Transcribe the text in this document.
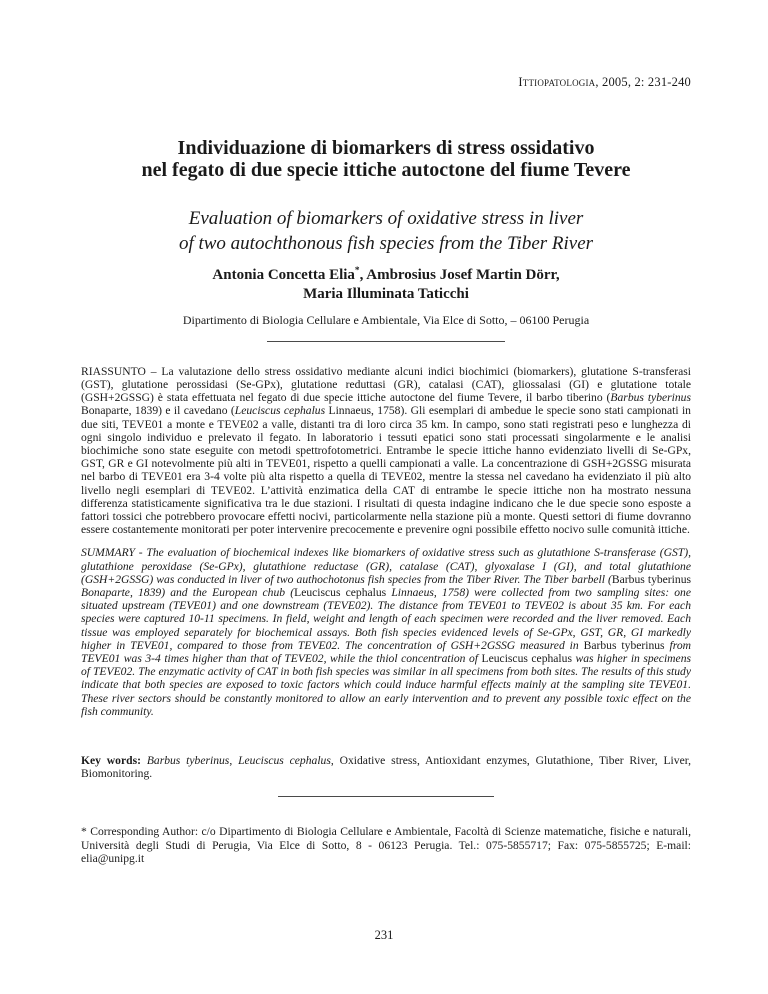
Ittiopatologia, 2005, 2: 231-240
Individuazione di biomarkers di stress ossidativo
nel fegato di due specie ittiche autoctone del fiume Tevere
Evaluation of biomarkers of oxidative stress in liver
of two autochthonous fish species from the Tiber River
Antonia Concetta Elia*, Ambrosius Josef Martin Dörr,
Maria Illuminata Taticchi
Dipartimento di Biologia Cellulare e Ambientale, Via Elce di Sotto, – 06100 Perugia

RIASSUNTO – La valutazione dello stress ossidativo mediante alcuni indici biochimici (biomarkers), glutatione S-transferasi (GST), glutatione perossidasi (Se-GPx), glutatione reduttasi (GR), catalasi (CAT), gliossalasi (GI) e glutatione totale (GSH+2GSSG) è stata effettuata nel fegato di due specie ittiche autoctone del fiume Tevere, il barbo tiberino (Barbus tyberinus Bonaparte, 1839) e il cavedano (Leuciscus cephalus Linnaeus, 1758). Gli esemplari di ambedue le specie sono stati campionati in due siti, TEVE01 a monte e TEVE02 a valle, distanti tra di loro circa 35 km. In campo, sono stati registrati peso e lunghezza di ogni singolo individuo e prelevato il fegato. In laboratorio i tessuti epatici sono stati processati singolarmente e le analisi biochimiche sono state eseguite con metodi spettrofotometrici. Entrambe le specie ittiche hanno evidenziato livelli di Se-GPx, GST, GR e GI notevolmente più alti in TEVE01, rispetto a quelli campionati a valle. La concentrazione di GSH+2GSSG misurata nel barbo di TEVE01 era 3-4 volte più alta rispetto a quella di TEVE02, mentre la stessa nel cavedano ha evidenziato il più alto livello negli esemplari di TEVE02. L’attività enzimatica della CAT di entrambe le specie ittiche non ha mostrato nessuna differenza statisticamente significativa tra le due stazioni. I risultati di questa indagine indicano che le due specie sono esposte a fattori tossici che potrebbero provocare effetti nocivi, particolarmente nella stazione più a monte. Questi settori di fiume dovranno essere costantemente monitorati per poter intervenire precocemente e prevenire ogni possibile effetto nocivo sulle comunità ittiche.

SUMMARY - The evaluation of biochemical indexes like biomarkers of oxidative stress such as glutathione S-transferase (GST), glutathione peroxidase (Se-GPx), glutathione reductase (GR), catalase (CAT), glyoxalase I (GI), and total glutathione (GSH+2GSSG) was conducted in liver of two authochotonus fish species from the Tiber River. The Tiber barbell (Barbus tyberinus Bonaparte, 1839) and the European chub (Leuciscus cephalus Linnaeus, 1758) were collected from two sampling sites: one situated upstream (TEVE01) and one downstream (TEVE02). The distance from TEVE01 to TEVE02 is about 35 km. For each species were captured 10-11 specimens. In field, weight and length of each specimen were recorded and the liver removed. Each tissue was employed separately for biochemical assays. Both fish species evidenced levels of Se-GPx, GST, GR, GI markedly higher in TEVE01, compared to those from TEVE02. The concentration of GSH+2GSSG measured in Barbus tyberinus from TEVE01 was 3-4 times higher than that of TEVE02, while the thiol concentration of Leuciscus cephalus was higher in specimens of TEVE02. The enzymatic activity of CAT in both fish species was similar in all specimens from both sites. The results of this study indicate that both species are exposed to toxic factors which could induce harmful effects mainly at the sampling site TEVE01. These river sectors should be constantly monitored to allow an early intervention and to prevent any possible toxic effect on the fish community.

Key words: Barbus tyberinus, Leuciscus cephalus, Oxidative stress, Antioxidant enzymes, Glutathione, Tiber River, Liver, Biomonitoring.

* Corresponding Author: c/o Dipartimento di Biologia Cellulare e Ambientale, Facoltà di Scienze matematiche, fisiche e naturali, Università degli Studi di Perugia, Via Elce di Sotto, 8 - 06123 Perugia. Tel.: 075-5855717; Fax: 075-5855725; E-mail: elia@unipg.it

231
